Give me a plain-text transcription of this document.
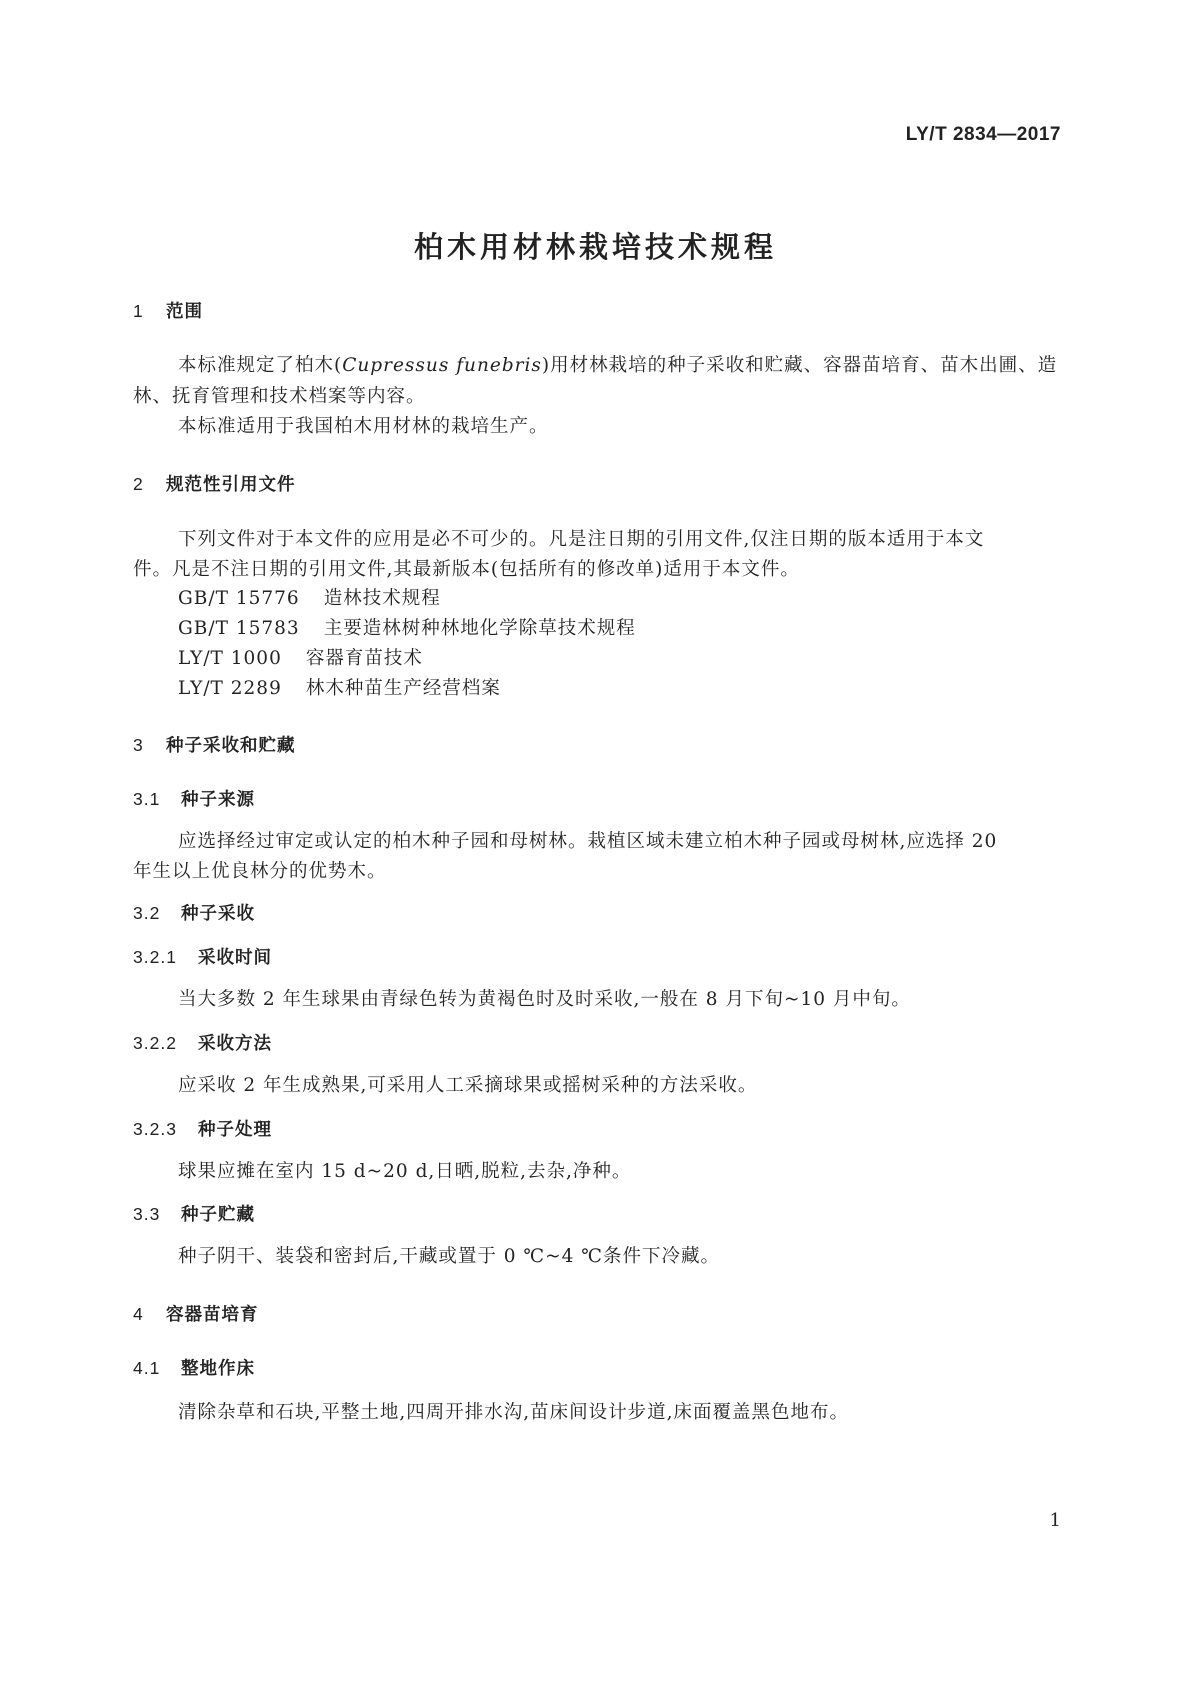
LY/T 2834—2017
柏木用材林栽培技术规程
1 范围
本标准规定了柏木(Cupressus funebris)用材林栽培的种子采收和贮藏、容器苗培育、苗木出圃、造
林、抚育管理和技术档案等内容。
本标准适用于我国柏木用材林的栽培生产。
2 规范性引用文件
下列文件对于本文件的应用是必不可少的。凡是注日期的引用文件,仅注日期的版本适用于本文
件。凡是不注日期的引用文件,其最新版本(包括所有的修改单)适用于本文件。
GB/T 15776 造林技术规程
GB/T 15783 主要造林树种林地化学除草技术规程
LY/T 1000 容器育苗技术
LY/T 2289 林木种苗生产经营档案
3 种子采收和贮藏
3.1 种子来源
应选择经过审定或认定的柏木种子园和母树林。栽植区域未建立柏木种子园或母树林,应选择 20
年生以上优良林分的优势木。
3.2 种子采收
3.2.1 采收时间
当大多数 2 年生球果由青绿色转为黄褐色时及时采收,一般在 8 月下旬~10 月中旬。
3.2.2 采收方法
应采收 2 年生成熟果,可采用人工采摘球果或摇树采种的方法采收。
3.2.3 种子处理
球果应摊在室内 15 d~20 d,日晒,脱粒,去杂,净种。
3.3 种子贮藏
种子阴干、装袋和密封后,干藏或置于 0 ℃~4 ℃条件下冷藏。
4 容器苗培育
4.1 整地作床
清除杂草和石块,平整土地,四周开排水沟,苗床间设计步道,床面覆盖黑色地布。
1
